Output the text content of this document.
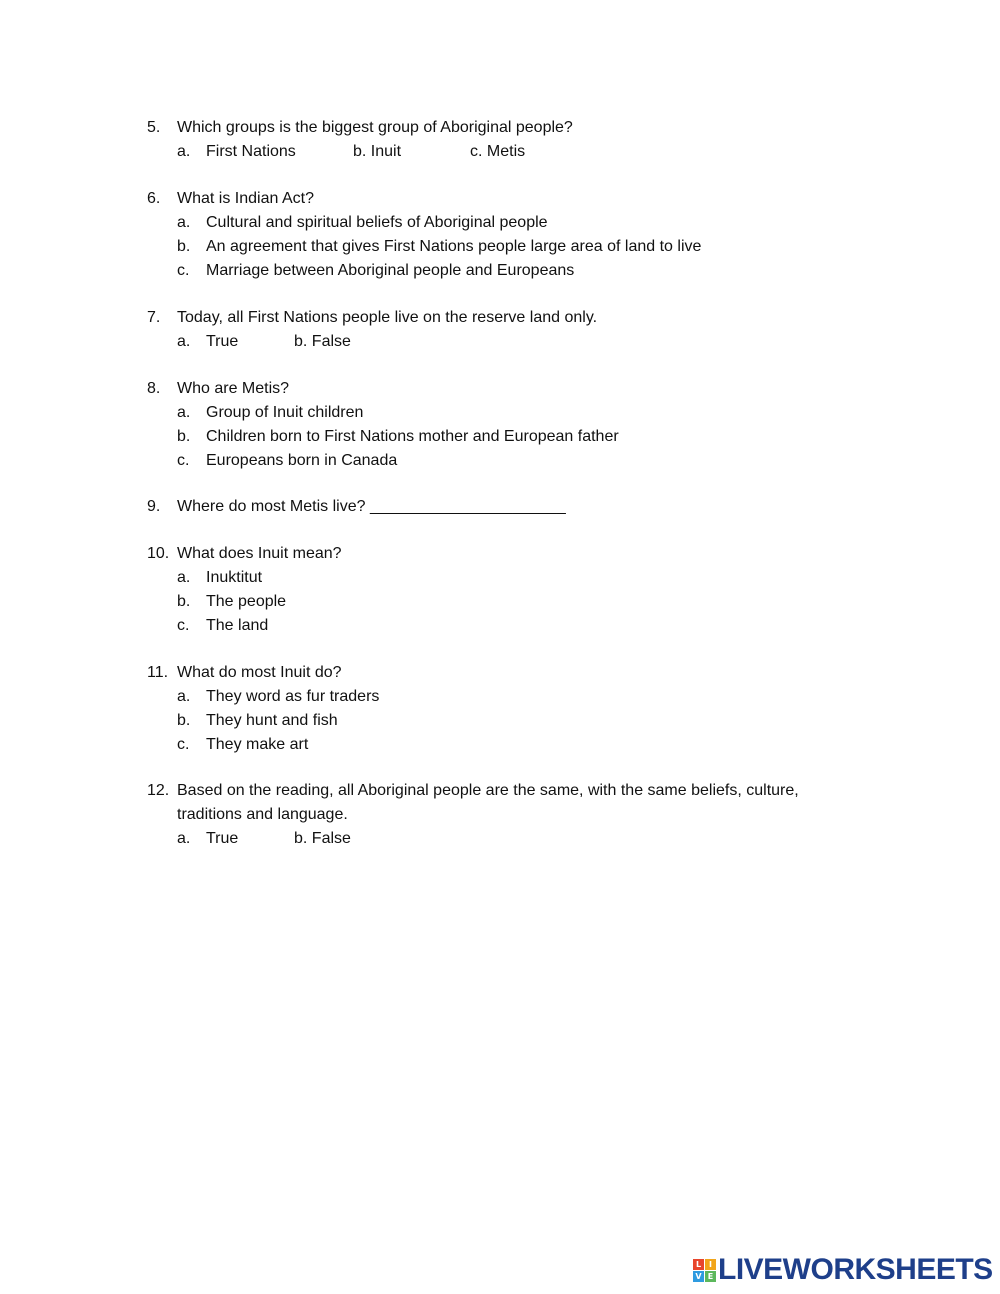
5. Which groups is the biggest group of Aboriginal people?
a. First Nations	b. Inuit	c. Metis
6. What is Indian Act?
a. Cultural and spiritual beliefs of Aboriginal people
b. An agreement that gives First Nations people large area of land to live
c. Marriage between Aboriginal people and Europeans
7. Today, all First Nations people live on the reserve land only.
a. True	b. False
8. Who are Metis?
a. Group of Inuit children
b. Children born to First Nations mother and European father
c. Europeans born in Canada
9. Where do most Metis live? ______________________
10. What does Inuit mean?
a. Inuktitut
b. The people
c. The land
11. What do most Inuit do?
a. They word as fur traders
b. They hunt and fish
c. They make art
12. Based on the reading, all Aboriginal people are the same, with the same beliefs, culture,
traditions and language.
a. True	b. False
L I
V E LIVEWORKSHEETS
